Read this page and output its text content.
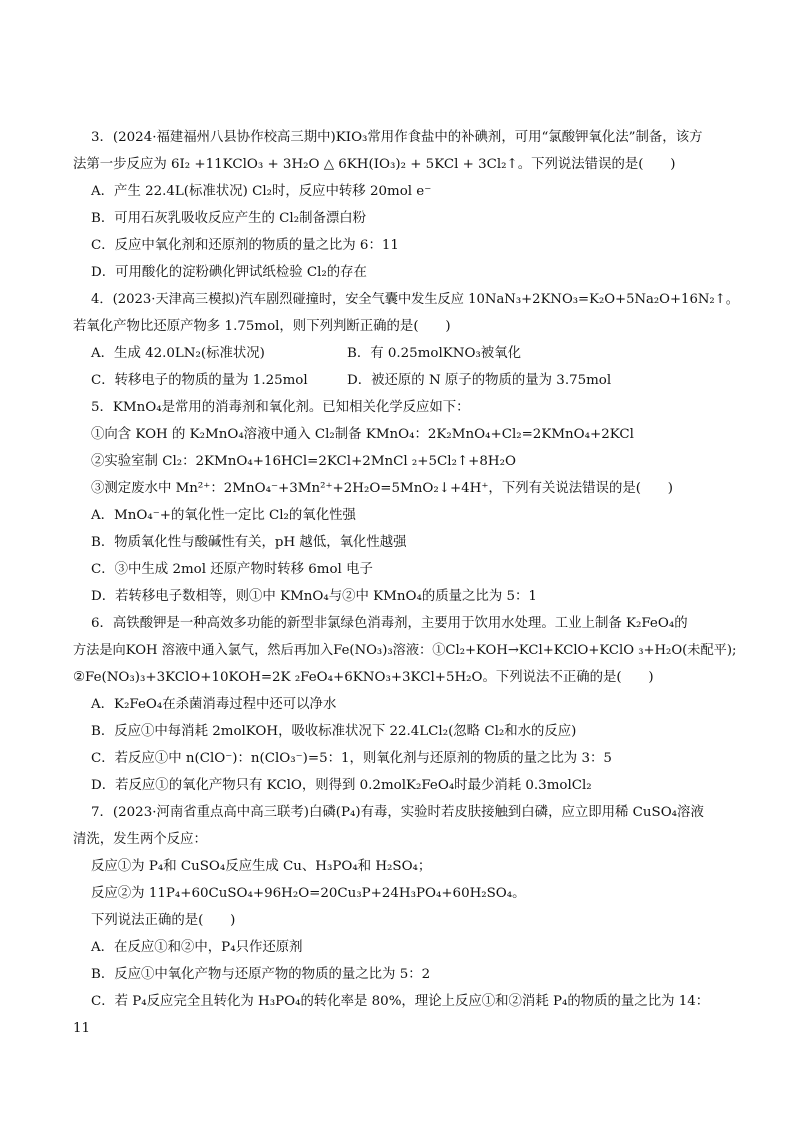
3．(2024·福建福州八县协作校高三期中)KIO₃常用作食盐中的补碘剂，可用“氯酸钾氧化法”制备，该方
法第一步反应为 6I₂ +11KClO₃ + 3H₂O △ 6KH(IO₃)₂ + 5KCl + 3Cl₂↑。下列说法错误的是(　　)
A．产生 22.4L(标准状况) Cl₂时，反应中转移 20mol e⁻
B．可用石灰乳吸收反应产生的 Cl₂制备漂白粉
C．反应中氧化剂和还原剂的物质的量之比为 6：11
D．可用酸化的淀粉碘化钾试纸检验 Cl₂的存在
4．(2023·天津高三模拟)汽车剧烈碰撞时，安全气囊中发生反应 10NaN₃+2KNO₃=K₂O+5Na₂O+16N₂↑。
若氧化产物比还原产物多 1.75mol，则下列判断正确的是(　　)
A．生成 42.0LN₂(标准状况)	B．有 0.25molKNO₃被氧化
C．转移电子的物质的量为 1.25mol	D．被还原的 N 原子的物质的量为 3.75mol
5．KMnO₄是常用的消毒剂和氧化剂。已知相关化学反应如下：
①向含 KOH 的 K₂MnO₄溶液中通入 Cl₂制备 KMnO₄：2K₂MnO₄+Cl₂=2KMnO₄+2KCl
②实验室制 Cl₂：2KMnO₄+16HCl=2KCl+2MnCl ₂+5Cl₂↑+8H₂O
③测定废水中 Mn²⁺：2MnO₄⁻+3Mn²⁺+2H₂O=5MnO₂↓+4H⁺，下列有关说法错误的是(　　)
A．MnO₄⁻+的氧化性一定比 Cl₂的氧化性强
B．物质氧化性与酸碱性有关，pH 越低，氧化性越强
C．③中生成 2mol 还原产物时转移 6mol 电子
D．若转移电子数相等，则①中 KMnO₄与②中 KMnO₄的质量之比为 5：1
6．高铁酸钾是一种高效多功能的新型非氯绿色消毒剂，主要用于饮用水处理。工业上制备 K₂FeO₄的
方法是向KOH 溶液中通入氯气，然后再加入Fe(NO₃)₃溶液：①Cl₂+KOH→KCl+KClO+KClO ₃+H₂O(未配平);
②Fe(NO₃)₃+3KClO+10KOH=2K ₂FeO₄+6KNO₃+3KCl+5H₂O。下列说法不正确的是(　　)
A．K₂FeO₄在杀菌消毒过程中还可以净水
B．反应①中每消耗 2molKOH，吸收标准状况下 22.4LCl₂(忽略 Cl₂和水的反应)
C．若反应①中 n(ClO⁻)：n(ClO₃⁻)=5：1，则氧化剂与还原剂的物质的量之比为 3：5
D．若反应①的氧化产物只有 KClO，则得到 0.2molK₂FeO₄时最少消耗 0.3molCl₂
7．(2023·河南省重点高中高三联考)白磷(P₄)有毒，实验时若皮肤接触到白磷，应立即用稀 CuSO₄溶液
清洗，发生两个反应：
反应①为 P₄和 CuSO₄反应生成 Cu、H₃PO₄和 H₂SO₄；
反应②为 11P₄+60CuSO₄+96H₂O=20Cu₃P+24H₃PO₄+60H₂SO₄。
下列说法正确的是(　　)
A．在反应①和②中，P₄只作还原剂
B．反应①中氧化产物与还原产物的物质的量之比为 5：2
C．若 P₄反应完全且转化为 H₃PO₄的转化率是 80%，理论上反应①和②消耗 P₄的物质的量之比为 14：
11
